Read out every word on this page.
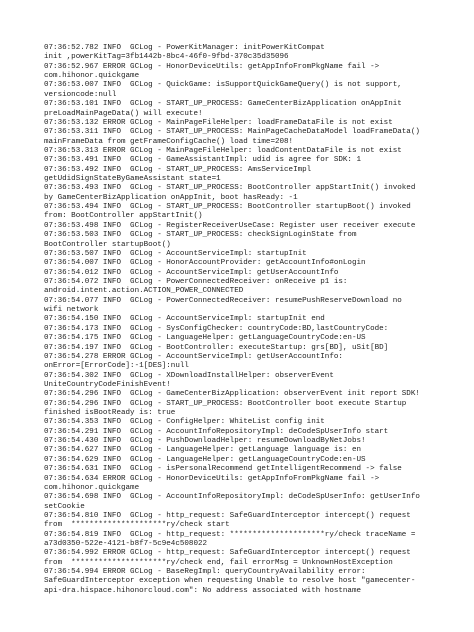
07:36:52.782 INFO  GCLog - PowerKitManager: initPowerKitCompat
init ,powerKitTag=3fb1442b-8bc4-46f0-9fbd-370c35d35096
07:36:52.967 ERROR GCLog - HonorDeviceUtils: getAppInfoFromPkgName fail ->
com.hihonor.quickgame
07:36:53.007 INFO  GCLog - QuickGame: isSupportQuickGameQuery() is not support,
versioncode:null
07:36:53.101 INFO  GCLog - START_UP_PROCESS: GameCenterBizApplication onAppInit
preLoadMainPageData() will execute!
07:36:53.132 ERROR GCLog - MainPageFileHelper: loadFrameDataFile is not exist
07:36:53.311 INFO  GCLog - START_UP_PROCESS: MainPageCacheDataModel loadFrameData()
mainFrameData from getFrameConfigCache() load time=208!
07:36:53.313 ERROR GCLog - MainPageFileHelper: loadContentDataFile is not exist
07:36:53.491 INFO  GCLog - GameAssistantImpl: udid is agree for SDK: 1
07:36:53.492 INFO  GCLog - START_UP_PROCESS: AmsServiceImpl
getUdidSignStateByGameAssistant state=1
07:36:53.493 INFO  GCLog - START_UP_PROCESS: BootController appStartInit() invoked
by GameCenterBizApplication onAppInit, boot hasReady: -1
07:36:53.494 INFO  GCLog - START_UP_PROCESS: BootController startupBoot() invoked
from: BootController appStartInit()
07:36:53.498 INFO  GCLog - RegisterReceiverUseCase: Register user receiver execute
07:36:53.503 INFO  GCLog - START_UP_PROCESS: checkSignLoginState from
BootController startupBoot()
07:36:53.507 INFO  GCLog - AccountServiceImpl: startupInit
07:36:54.007 INFO  GCLog - HonorAccountProvider: getAccountInfo#onLogin
07:36:54.012 INFO  GCLog - AccountServiceImpl: getUserAccountInfo
07:36:54.072 INFO  GCLog - PowerConnectedReceiver: onReceive p1 is:
android.intent.action.ACTION_POWER_CONNECTED
07:36:54.077 INFO  GCLog - PowerConnectedReceiver: resumePushReserveDownload no
wifi network
07:36:54.150 INFO  GCLog - AccountServiceImpl: startupInit end
07:36:54.173 INFO  GCLog - SysConfigChecker: countryCode:BD,lastCountryCode:
07:36:54.175 INFO  GCLog - LanguageHelper: getLanguageCountryCode:en-US
07:36:54.197 INFO  GCLog - BootController: executeStartup: grs[BD], uSit[BD]
07:36:54.278 ERROR GCLog - AccountServiceImpl: getUserAccountInfo:
onError=[ErrorCode]:-1[DES]:null
07:36:54.302 INFO  GCLog - XDownloadInstallHelper: observerEvent
UniteCountryCodeFinishEvent!
07:36:54.296 INFO  GCLog - GameCenterBizApplication: observerEvent init report SDK!
07:36:54.296 INFO  GCLog - START_UP_PROCESS: BootController boot execute Startup
finished isBootReady is: true
07:36:54.353 INFO  GCLog - ConfigHelper: WhiteList config init
07:36:54.291 INFO  GCLog - AccountInfoRepositoryImpl: deCodeSpUserInfo start
07:36:54.430 INFO  GCLog - PushDownloadHelper: resumeDownloadByNetJobs!
07:36:54.627 INFO  GCLog - LanguageHelper: getLanguage language is: en
07:36:54.629 INFO  GCLog - LanguageHelper: getLanguageCountryCode:en-US
07:36:54.631 INFO  GCLog - isPersonalRecommend getIntelligentRecommend -> false
07:36:54.634 ERROR GCLog - HonorDeviceUtils: getAppInfoFromPkgName fail ->
com.hihonor.quickgame
07:36:54.698 INFO  GCLog - AccountInfoRepositoryImpl: deCodeSpUserInfo: getUserInfo
setCookie
07:36:54.810 INFO  GCLog - http_request: SafeGuardInterceptor intercept() request
from  *********************ry/check start
07:36:54.819 INFO  GCLog - http_request: *********************ry/check traceName =
a73d0350-522e-4121-b8f7-5c9e4c508022
07:36:54.992 ERROR GCLog - http_request: SafeGuardInterceptor intercept() request
from  *********************ry/check end, fail errorMsg = UnknownHostException
07:36:54.994 ERROR GCLog - BaseRegImpl: queryCountryAvailability error:
SafeGuardInterceptor exception when requesting Unable to resolve host "gamecenter-
api-dra.hispace.hihonorcloud.com": No address associated with hostname
